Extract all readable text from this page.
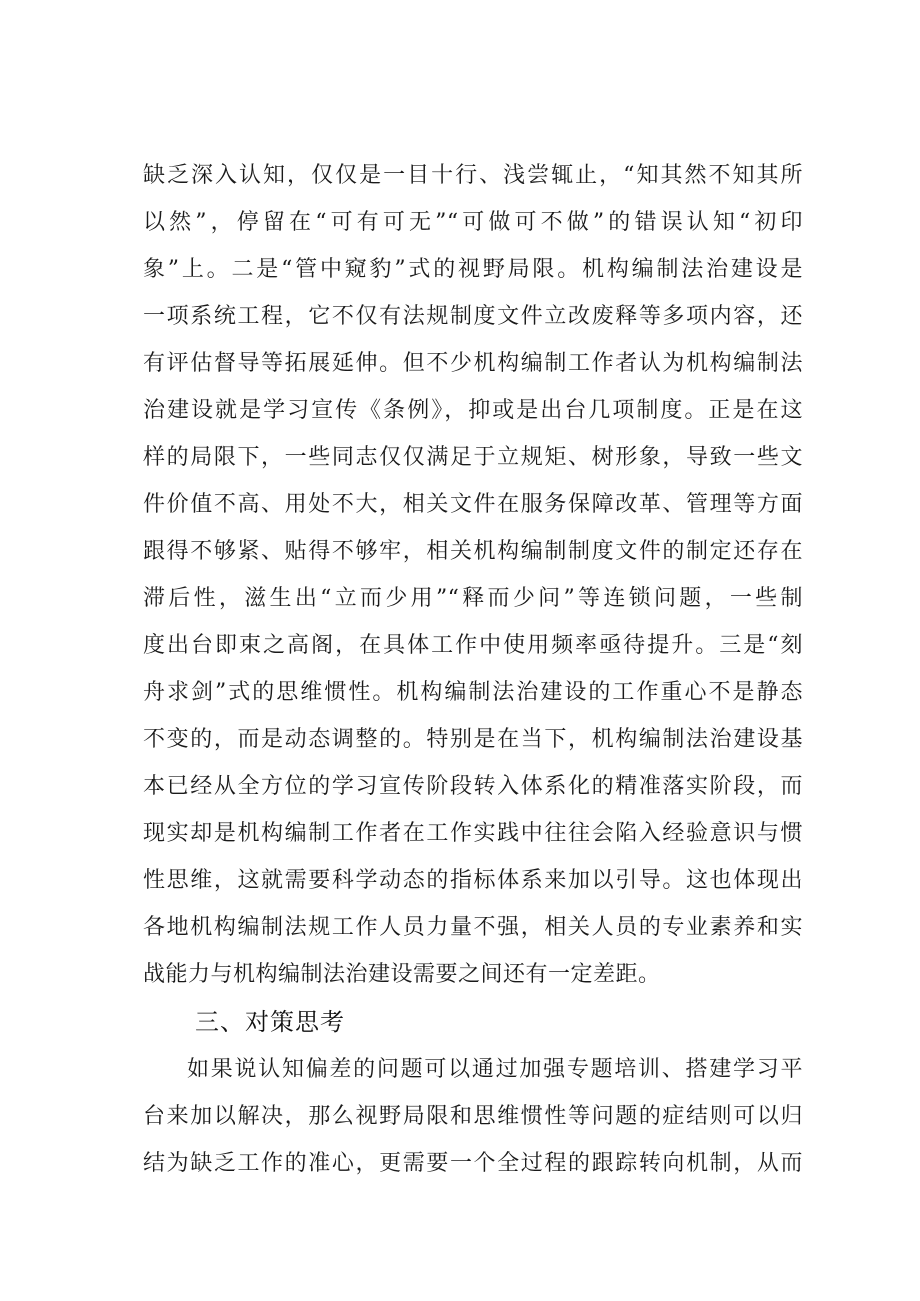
缺乏深入认知，仅仅是一目十行、浅尝辄止，“知其然不知其所
以然”，停留在“可有可无”“可做可不做”的错误认知“初印
象”上。二是“管中窥豹”式的视野局限。机构编制法治建设是
一项系统工程，它不仅有法规制度文件立改废释等多项内容，还
有评估督导等拓展延伸。但不少机构编制工作者认为机构编制法
治建设就是学习宣传《条例》，抑或是出台几项制度。正是在这
样的局限下，一些同志仅仅满足于立规矩、树形象，导致一些文
件价值不高、用处不大，相关文件在服务保障改革、管理等方面
跟得不够紧、贴得不够牢，相关机构编制制度文件的制定还存在
滞后性，滋生出“立而少用”“释而少问”等连锁问题，一些制
度出台即束之高阁，在具体工作中使用频率亟待提升。三是“刻
舟求剑”式的思维惯性。机构编制法治建设的工作重心不是静态
不变的，而是动态调整的。特别是在当下，机构编制法治建设基
本已经从全方位的学习宣传阶段转入体系化的精准落实阶段，而
现实却是机构编制工作者在工作实践中往往会陷入经验意识与惯
性思维，这就需要科学动态的指标体系来加以引导。这也体现出
各地机构编制法规工作人员力量不强，相关人员的专业素养和实
战能力与机构编制法治建设需要之间还有一定差距。
三、对策思考
如果说认知偏差的问题可以通过加强专题培训、搭建学习平
台来加以解决，那么视野局限和思维惯性等问题的症结则可以归
结为缺乏工作的准心，更需要一个全过程的跟踪转向机制，从而
